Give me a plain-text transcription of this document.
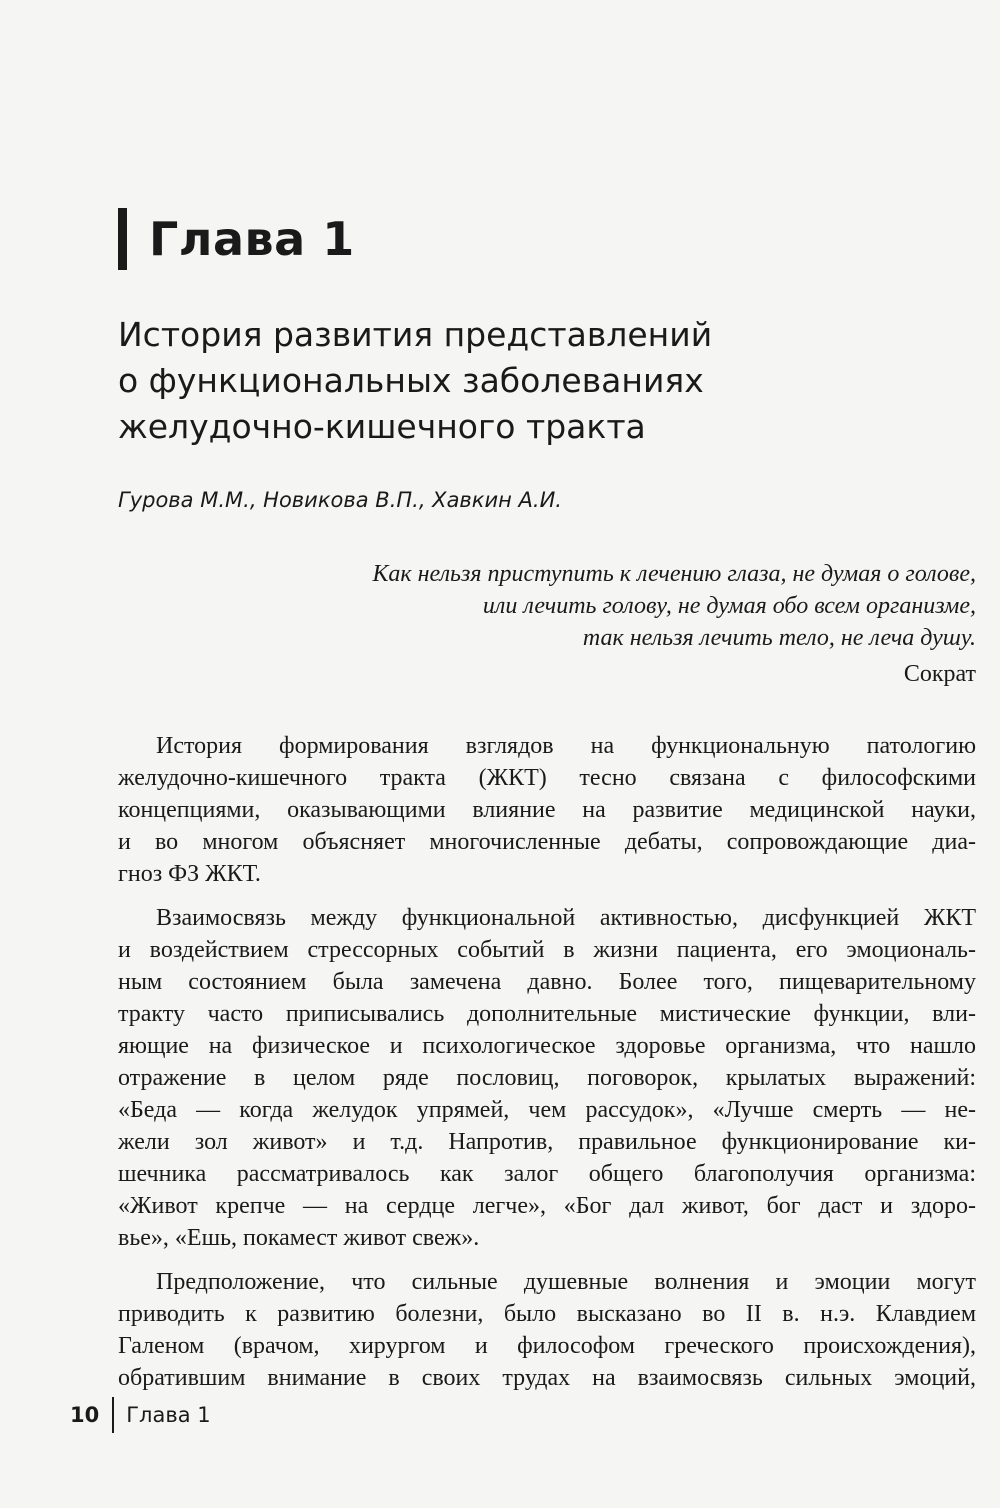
Глава 1
История развития представлений
о функциональных заболеваниях
желудочно-кишечного тракта
Гурова М.М., Новикова В.П., Хавкин А.И.
Как нельзя приступить к лечению глаза, не думая о голове,
или лечить голову, не думая обо всем организме,
так нельзя лечить тело, не леча душу.
Сократ

История формирования взглядов на функциональную патологию
желудочно-кишечного тракта (ЖКТ) тесно связана с философскими
концепциями, оказывающими влияние на развитие медицинской науки,
и во многом объясняет многочисленные дебаты, сопровождающие диа-
гноз ФЗ ЖКТ.

Взаимосвязь между функциональной активностью, дисфункцией ЖКТ
и воздействием стрессорных событий в жизни пациента, его эмоциональ-
ным состоянием была замечена давно. Более того, пищеварительному
тракту часто приписывались дополнительные мистические функции, вли-
яющие на физическое и психологическое здоровье организма, что нашло
отражение в целом ряде пословиц, поговорок, крылатых выражений:
«Беда — когда желудок упрямей, чем рассудок», «Лучше смерть — не-
жели зол живот» и т.д. Напротив, правильное функционирование ки-
шечника рассматривалось как залог общего благополучия организма:
«Живот крепче — на сердце легче», «Бог дал живот, бог даст и здоро-
вье», «Ешь, покамест живот свеж».

Предположение, что сильные душевные волнения и эмоции могут
приводить к развитию болезни, было высказано во II в. н.э. Клавдием
Галеном (врачом, хирургом и философом греческого происхождения),
обратившим внимание в своих трудах на взаимосвязь сильных эмоций,

10 Глава 1
